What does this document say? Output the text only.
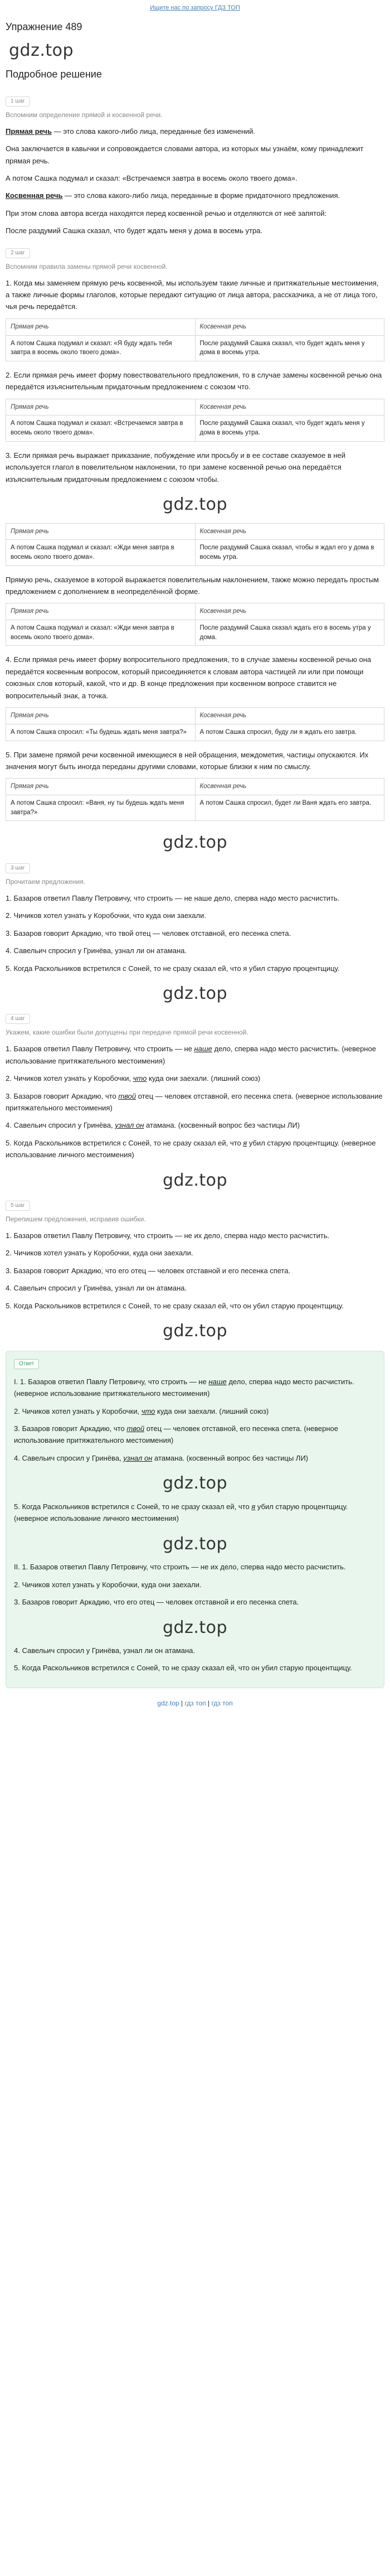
Ищите нас по запросу ГДЗ ТОП
Упражнение 489
gdz.top
Подробное решение
1 шаг
Вспомним определение прямой и косвенной речи.

Прямая речь — это слова какого-либо лица, переданные без изменений.

Она заключается в кавычки и сопровождается словами автора, из которых мы узнаём, кому принадлежит прямая речь.

А потом Сашка подумал и сказал: «Встречаемся завтра в восемь около твоего дома».

Косвенная речь — это слова какого-либо лица, переданные в форме придаточного предложения.

При этом слова автора всегда находятся перед косвенной речью и отделяются от неё запятой:

После раздумий Сашка сказал, что будет ждать меня у дома в восемь утра.

2 шаг
Вспомним правила замены прямой речи косвенной.

1. Когда мы заменяем прямую речь косвенной, мы используем такие личные и притяжательные местоимения, а также личные формы глаголов, которые передают ситуацию от лица автора, рассказчика, а не от лица того, чья речь передаётся.

Прямая речь	Косвенная речь
А потом Сашка подумал и сказал: «Я буду ждать тебя завтра в восемь около твоего дома».	После раздумий Сашка сказал, что будет ждать меня у дома в восемь утра.

2. Если прямая речь имеет форму повествовательного предложения, то в случае замены косвенной речью она передаётся изъяснительным придаточным предложением с союзом что.

Прямая речь	Косвенная речь
А потом Сашка подумал и сказал: «Встречаемся завтра в восемь около твоего дома».	После раздумий Сашка сказал, что будет ждать меня у дома в восемь утра.

3. Если прямая речь выражает приказание, побуждение или просьбу и в ее составе сказуемое в ней используется глагол в повелительном наклонении, то при замене косвенной речью она передаётся изъяснительным придаточным предложением с союзом чтобы.

gdz.top
Прямая речь	Косвенная речь
А потом Сашка подумал и сказал: «Жди меня завтра в восемь около твоего дома».	После раздумий Сашка сказал, чтобы я ждал его у дома в восемь утра.

Прямую речь, сказуемое в которой выражается повелительным наклонением, также можно передать простым предложением с дополнением в неопределённой форме.

Прямая речь	Косвенная речь
А потом Сашка подумал и сказал: «Жди меня завтра в восемь около твоего дома».	После раздумий Сашка сказал ждать его в восемь утра у дома.

4. Если прямая речь имеет форму вопросительного предложения, то в случае замены косвенной речью она передаётся косвенным вопросом, который присоединяется к словам автора частицей ли или при помощи союзных слов который, какой, что и др. В конце предложения при косвенном вопросе ставится не вопросительный знак, а точка.

Прямая речь	Косвенная речь
А потом Сашка спросил: «Ты будешь ждать меня завтра?»	А потом Сашка спросил, буду ли я ждать его завтра.

5. При замене прямой речи косвенной имеющиеся в ней обращения, междометия, частицы опускаются. Их значения могут быть иногда переданы другими словами, которые близки к ним по смыслу.

Прямая речь	Косвенная речь
А потом Сашка спросил: «Ваня, ну ты будешь ждать меня завтра?»	А потом Сашка спросил, будет ли Ваня ждать его завтра.
gdz.top
3 шаг
Прочитаем предложения.

1. Базаров ответил Павлу Петровичу, что строить — не наше дело, сперва надо место расчистить.

2. Чичиков хотел узнать у Коробочки, что куда они заехали.

3. Базаров говорит Аркадию, что твой отец — человек отставной, его песенка спета.

4. Савельич спросил у Гринёва, узнал ли он атамана.

5. Когда Раскольников встретился с Соней, то не сразу сказал ей, что я убил старую процентщицу.

gdz.top
4 шаг
Укажем, какие ошибки были допущены при передаче прямой речи косвенной.

1. Базаров ответил Павлу Петровичу, что строить — не наше дело, сперва надо место расчистить. (неверное использование притяжательного местоимения)

2. Чичиков хотел узнать у Коробочки, что куда они заехали. (лишний союз)

3. Базаров говорит Аркадию, что твой отец — человек отставной, его песенка спета. (неверное использование притяжательного местоимения)

4. Савельич спросил у Гринёва, узнал он атамана. (косвенный вопрос без частицы ЛИ)

5. Когда Раскольников встретился с Соней, то не сразу сказал ей, что я убил старую процентщицу. (неверное использование личного местоимения)

gdz.top
5 шаг
Перепишем предложения, исправив ошибки.

1. Базаров ответил Павлу Петровичу, что строить — не их дело, сперва надо место расчистить.

2. Чичиков хотел узнать у Коробочки, куда они заехали.

3. Базаров говорит Аркадию, что его отец — человек отставной и его песенка спета.

4. Савельич спросил у Гринёва, узнал ли он атамана.

5. Когда Раскольников встретился с Соней, то не сразу сказал ей, что он убил старую процентщицу.

gdz.top
Ответ

I. 1. Базаров ответил Павлу Петровичу, что строить — не наше дело, сперва надо место расчистить. (неверное использование притяжательного местоимения)

2. Чичиков хотел узнать у Коробочки, что куда они заехали. (лишний союз)

3. Базаров говорит Аркадию, что твой отец — человек отставной, его песенка спета. (неверное использование притяжательного местоимения)

4. Савельич спросил у Гринёва, узнал он атамана. (косвенный вопрос без частицы ЛИ)

gdz.top

5. Когда Раскольников встретился с Соней, то не сразу сказал ей, что я убил старую процентщицу. (неверное использование личного местоимения)

gdz.top

II. 1. Базаров ответил Павлу Петровичу, что строить — не их дело, сперва надо место расчистить.

2. Чичиков хотел узнать у Коробочки, куда они заехали.

3. Базаров говорит Аркадию, что его отец — человек отставной и его песенка спета.

gdz.top

4. Савельич спросил у Гринёва, узнал ли он атамана.

5. Когда Раскольников встретился с Соней, то не сразу сказал ей, что он убил старую процентщицу.

gdz.top | гдз топ | гдз топ
